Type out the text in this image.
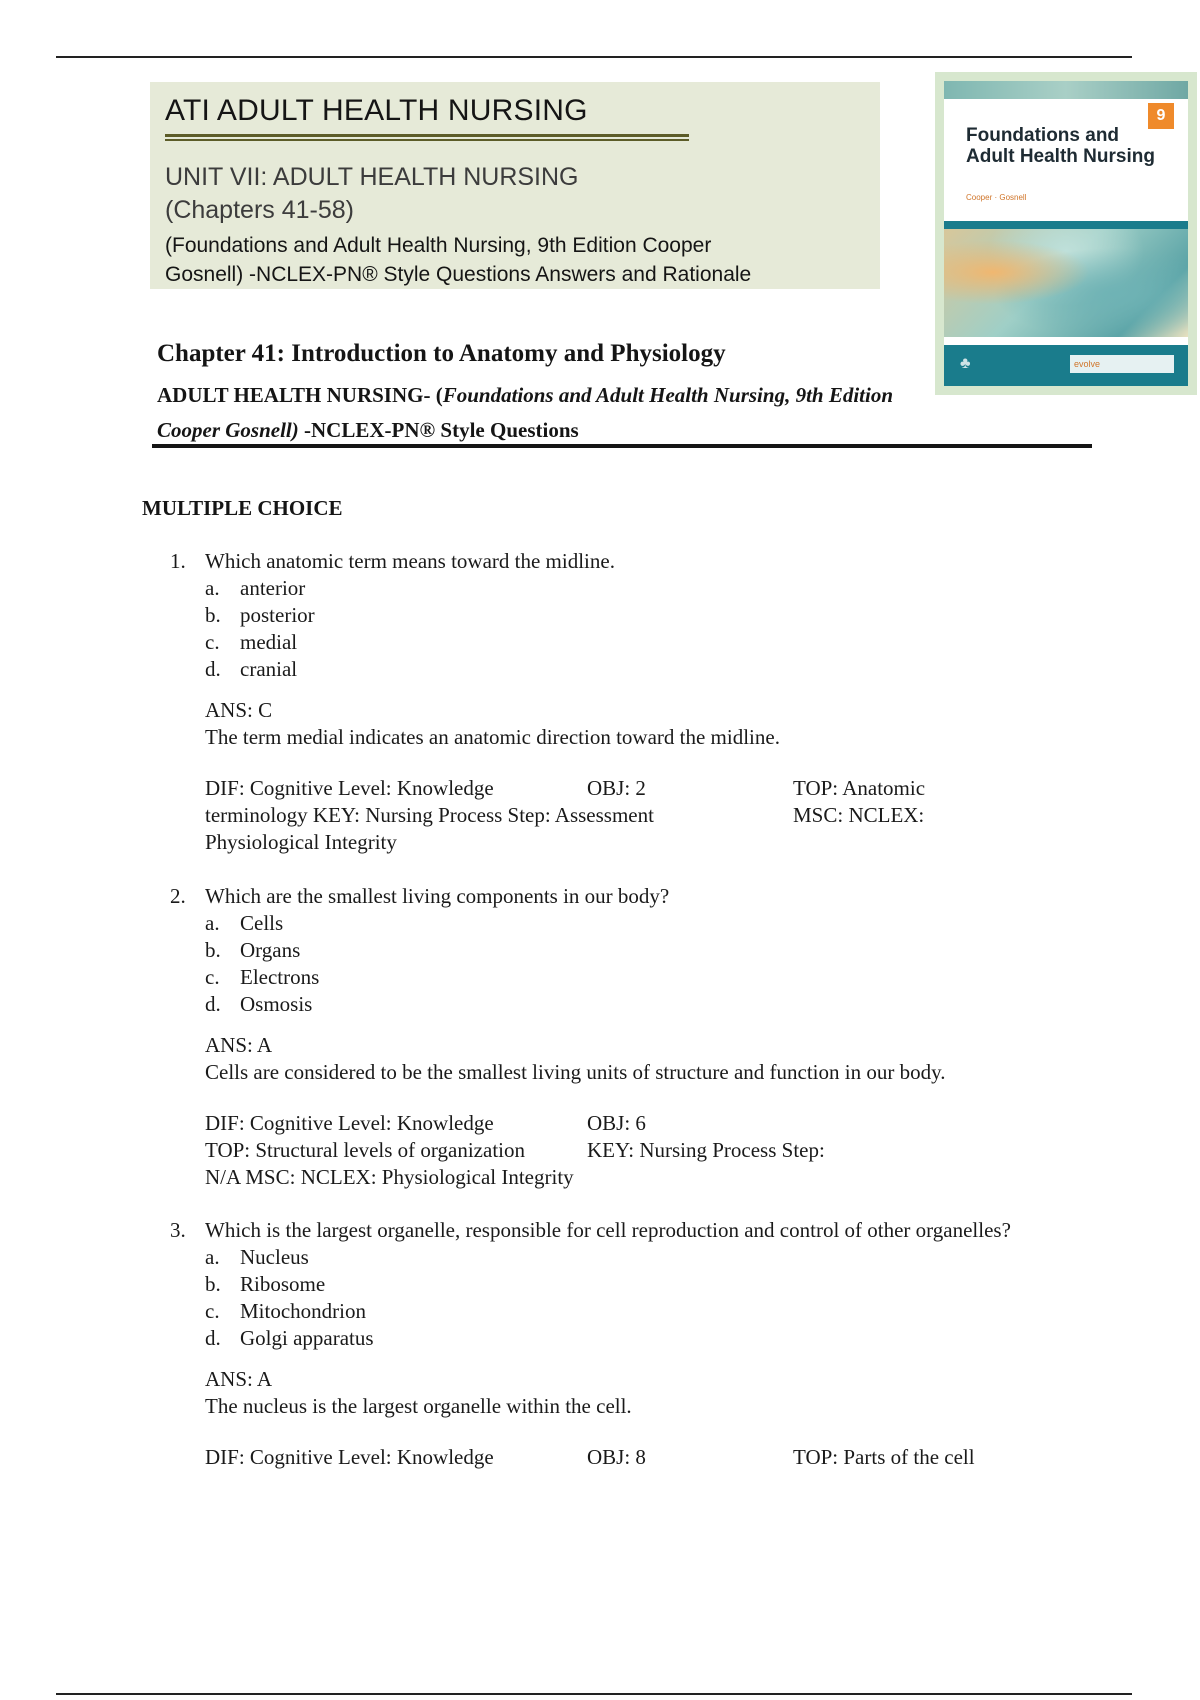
ATI ADULT HEALTH NURSING
UNIT VII: ADULT HEALTH NURSING
(Chapters 41-58)
(Foundations and Adult Health Nursing, 9th Edition Cooper
Gosnell) -NCLEX-PN® Style Questions Answers and Rationale
9
Foundations and Adult Health Nursing
Cooper · Gosnell
♣	evolve
Chapter 41: Introduction to Anatomy and Physiology
ADULT HEALTH NURSING- (Foundations and Adult Health Nursing, 9th Edition Cooper Gosnell) -NCLEX-PN® Style Questions
MULTIPLE CHOICE
1. Which anatomic term means toward the midline.
a. anterior
b. posterior
c. medial
d. cranial
ANS: C
The term medial indicates an anatomic direction toward the midline.
DIF: Cognitive Level: Knowledge	OBJ: 2	TOP: Anatomic
terminology KEY: Nursing Process Step: Assessment	MSC: NCLEX:
Physiological Integrity
2. Which are the smallest living components in our body?
a. Cells
b. Organs
c. Electrons
d. Osmosis
ANS: A
Cells are considered to be the smallest living units of structure and function in our body.
DIF: Cognitive Level: Knowledge	OBJ: 6
TOP: Structural levels of organization	KEY: Nursing Process Step:
N/A MSC: NCLEX: Physiological Integrity
3. Which is the largest organelle, responsible for cell reproduction and control of other organelles?
a. Nucleus
b. Ribosome
c. Mitochondrion
d. Golgi apparatus
ANS: A
The nucleus is the largest organelle within the cell.
DIF: Cognitive Level: Knowledge	OBJ: 8	TOP: Parts of the cell
